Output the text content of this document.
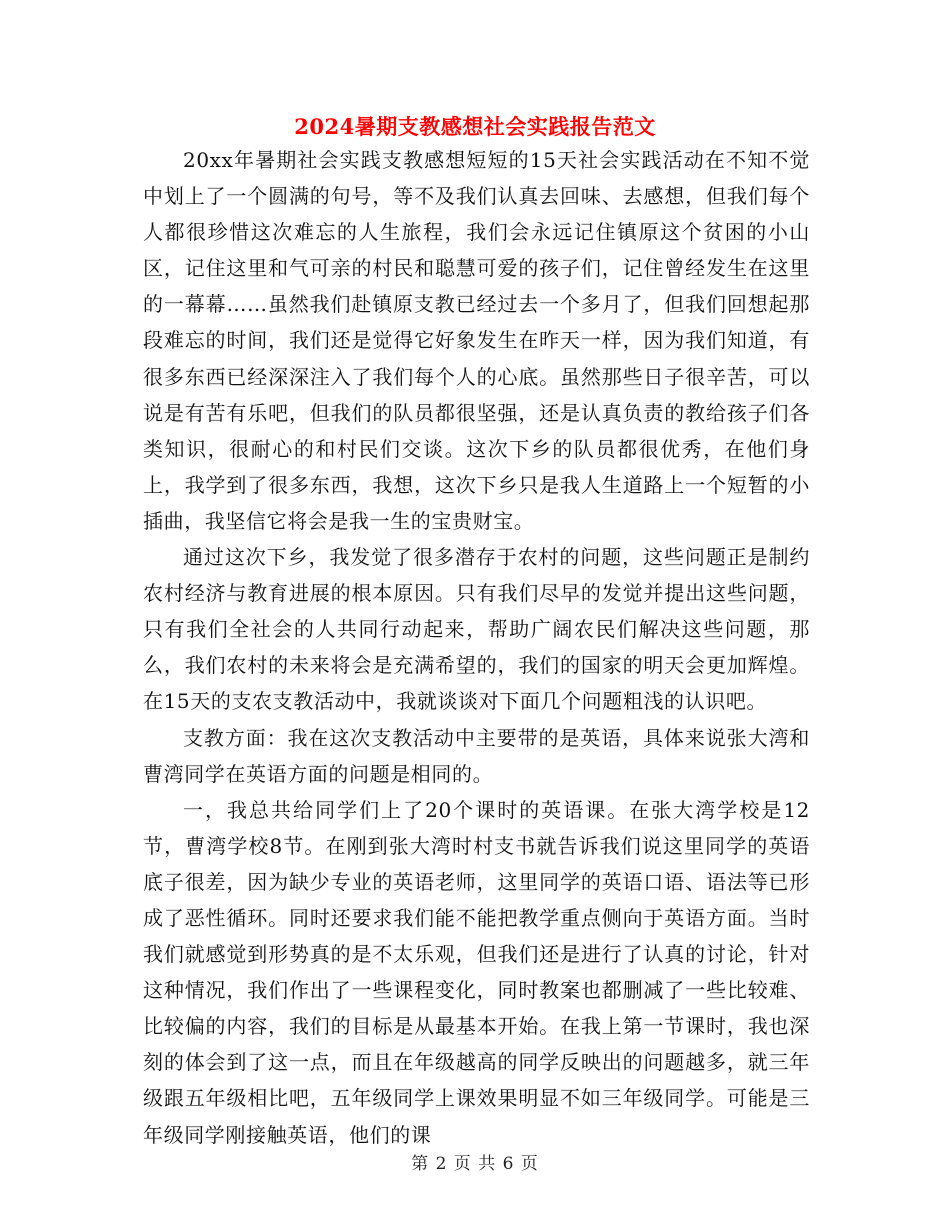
2024暑期支教感想社会实践报告范文

20xx年暑期社会实践支教感想短短的15天社会实践活动在不知不觉中划上了一个圆满的句号，等不及我们认真去回味、去感想，但我们每个人都很珍惜这次难忘的人生旅程，我们会永远记住镇原这个贫困的小山区，记住这里和气可亲的村民和聪慧可爱的孩子们，记住曾经发生在这里的一幕幕……虽然我们赴镇原支教已经过去一个多月了，但我们回想起那段难忘的时间，我们还是觉得它好象发生在昨天一样，因为我们知道，有很多东西已经深深注入了我们每个人的心底。虽然那些日子很辛苦，可以说是有苦有乐吧，但我们的队员都很坚强，还是认真负责的教给孩子们各类知识，很耐心的和村民们交谈。这次下乡的队员都很优秀，在他们身上，我学到了很多东西，我想，这次下乡只是我人生道路上一个短暂的小插曲，我坚信它将会是我一生的宝贵财宝。

通过这次下乡，我发觉了很多潜存于农村的问题，这些问题正是制约农村经济与教育进展的根本原因。只有我们尽早的发觉并提出这些问题，只有我们全社会的人共同行动起来，帮助广阔农民们解决这些问题，那么，我们农村的未来将会是充满希望的，我们的国家的明天会更加辉煌。在15天的支农支教活动中，我就谈谈对下面几个问题粗浅的认识吧。

支教方面：我在这次支教活动中主要带的是英语，具体来说张大湾和曹湾同学在英语方面的问题是相同的。

一，我总共给同学们上了20个课时的英语课。在张大湾学校是12节，曹湾学校8节。在刚到张大湾时村支书就告诉我们说这里同学的英语底子很差，因为缺少专业的英语老师，这里同学的英语口语、语法等已形成了恶性循环。同时还要求我们能不能把教学重点侧向于英语方面。当时我们就感觉到形势真的是不太乐观，但我们还是进行了认真的讨论，针对这种情况，我们作出了一些课程变化，同时教案也都删减了一些比较难、比较偏的内容，我们的目标是从最基本开始。在我上第一节课时，我也深刻的体会到了这一点，而且在年级越高的同学反映出的问题越多，就三年级跟五年级相比吧，五年级同学上课效果明显不如三年级同学。可能是三年级同学刚接触英语，他们的课

第 2 页 共 6 页
